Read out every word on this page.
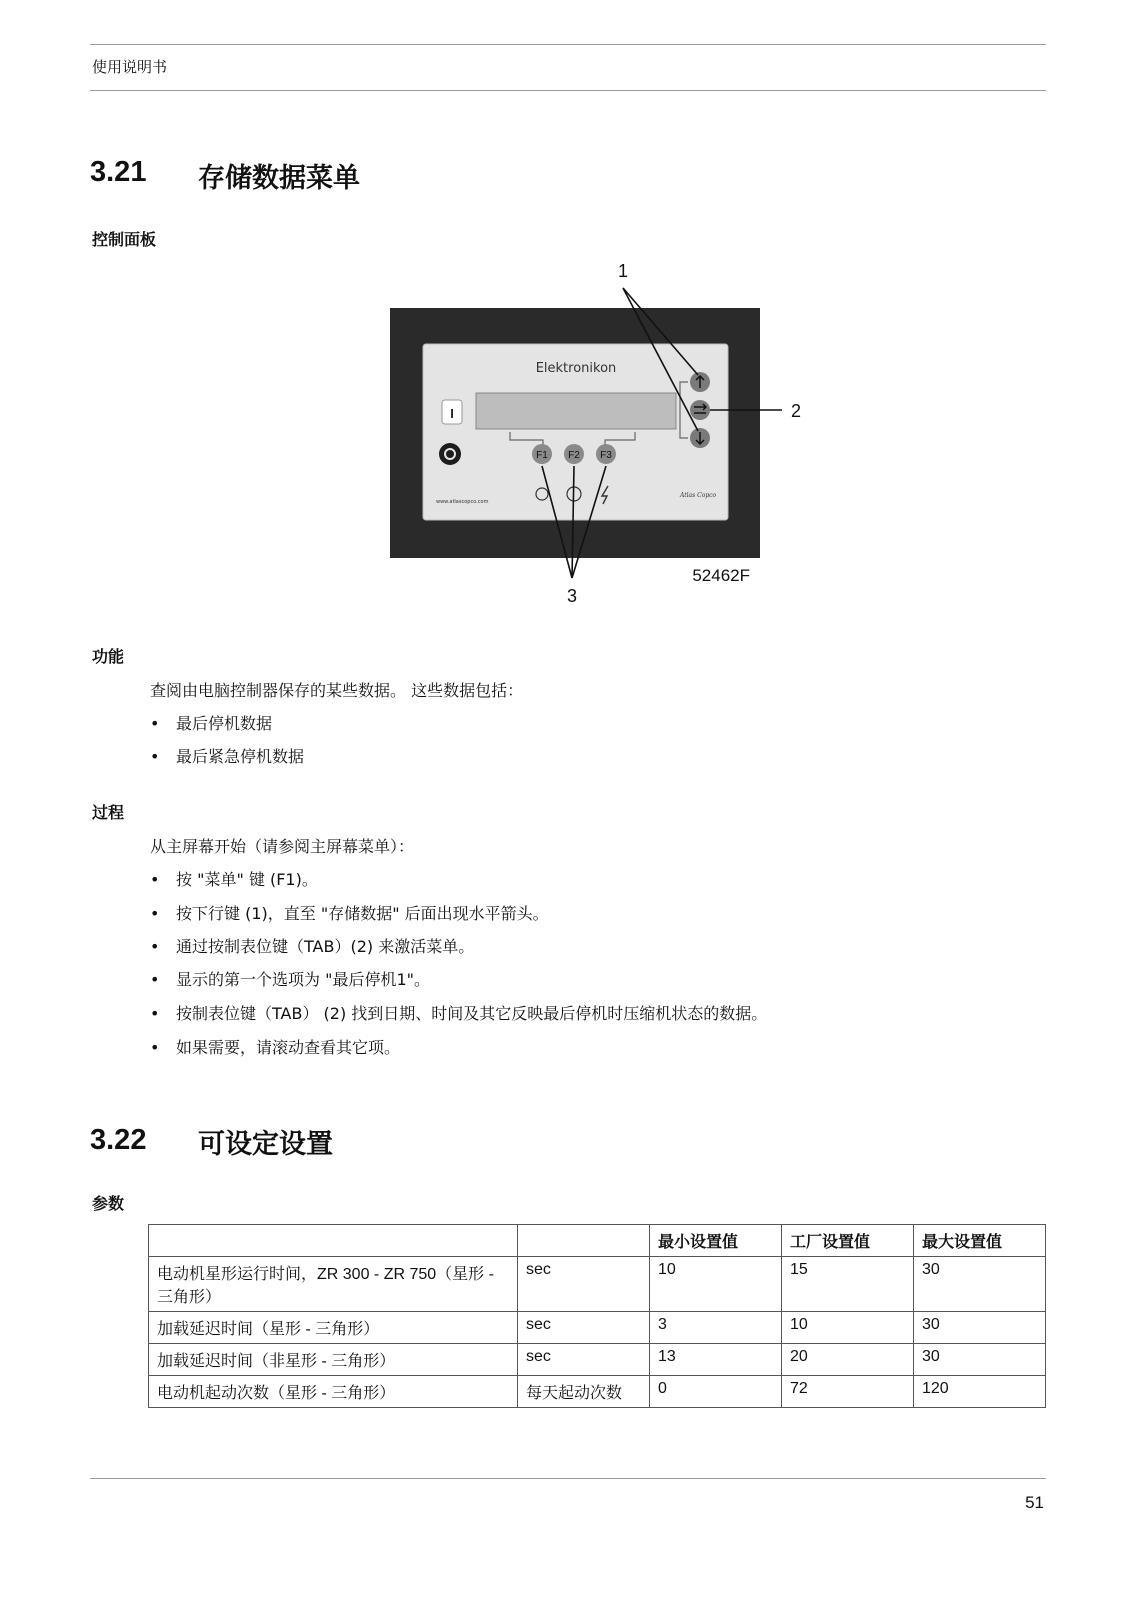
使用说明书
3.21 存储数据菜单
控制面板
I
F1 F2 F3
Elektronikon
www.atlascopco.com
Atlas Copco
1
2
3
52462F
功能
查阅由电脑控制器保存的某些数据。 这些数据包括：
• 最后停机数据
• 最后紧急停机数据
过程
从主屏幕开始（请参阅主屏幕菜单）：
• 按 "菜单" 键 (F1)。
• 按下行键 (1)，直至 "存储数据" 后面出现水平箭头。
• 通过按制表位键（TAB）(2) 来激活菜单。
• 显示的第一个选项为 "最后停机1"。
• 按制表位键（TAB） (2) 找到日期、时间及其它反映最后停机时压缩机状态的数据。
• 如果需要，请滚动查看其它项。
3.22 可设定设置
参数
		最小设置值	工厂设置值	最大设置值
电动机星形运行时间，ZR 300 - ZR 750（星形 - 三角形）	sec	10	15	30
加载延迟时间（星形 - 三角形）	sec	3	10	30
加载延迟时间（非星形 - 三角形）	sec	13	20	30
电动机起动次数（星形 - 三角形）	每天起动次数	0	72	120
51
